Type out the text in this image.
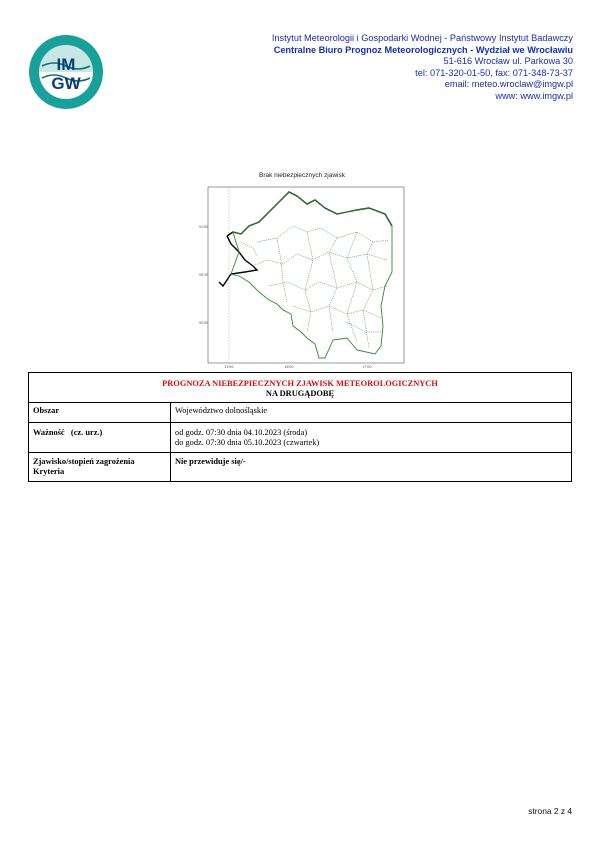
IM
GW
Instytut Meteorologii i Gospodarki Wodnej - Państwowy Instytut Badawczy
Centralne Biuro Prognoz Meteorologicznych - Wydział we Wrocławiu
51-616 Wrocław ul. Parkowa 30
tel: 071-320-01-50, fax: 071-348-73-37
email: meteo.wroclaw@imgw.pl
www: www.imgw.pl
Brak niebezpiecznych zjawisk
51'00
50'30
50'00
15'00	16'00	17'00
PROGNOZA NIEBEZPIECZNYCH ZJAWISK METEOROLOGICZNYCH
NA DRUGĄDOBĘ	

Obszar	Województwo dolnośląskie
Ważność   (cz. urz.)	od godz. 07:30 dnia 04.10.2023 (środa)
do godz. 07:30 dnia 05.10.2023 (czwartek)

Zjawisko/stopień zagrożenia
Kryteria	Nie przewiduje się/-
strona 2 z 4
